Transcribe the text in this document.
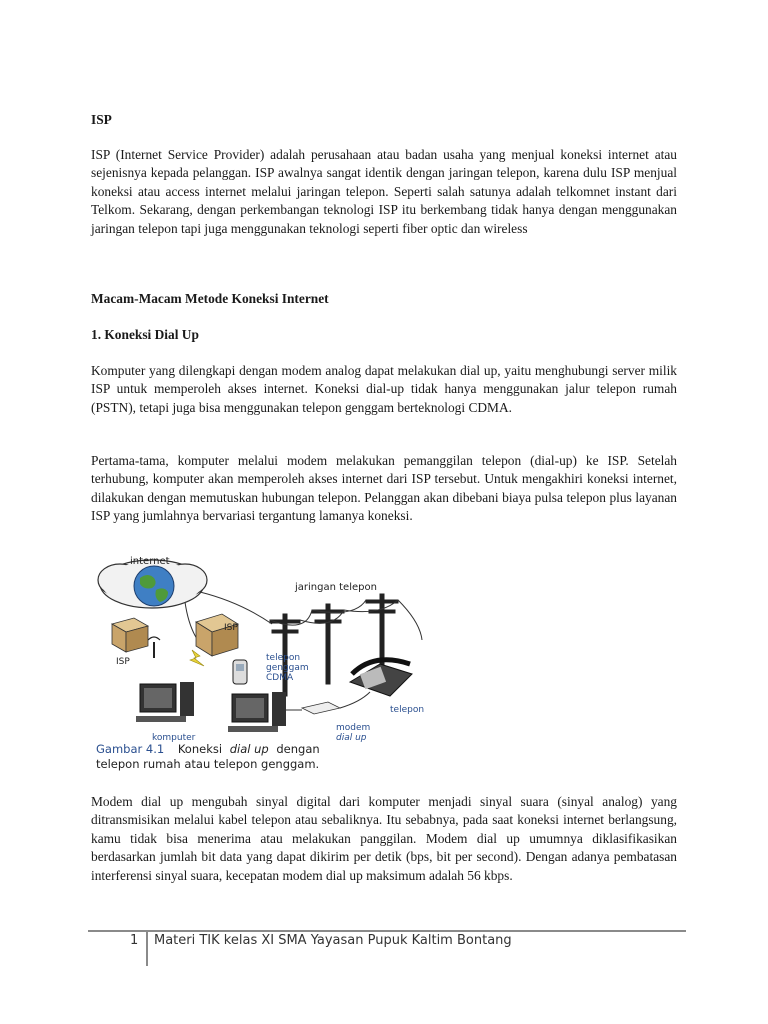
ISP
ISP (Internet Service Provider) adalah perusahaan atau badan usaha yang menjual koneksi internet atau sejenisnya kepada pelanggan. ISP awalnya sangat identik dengan jaringan telepon, karena dulu ISP menjual koneksi atau access internet melalui jaringan telepon. Seperti salah satunya adalah telkomnet instant dari Telkom. Sekarang, dengan perkembangan teknologi ISP itu berkembang tidak hanya dengan menggunakan jaringan telepon tapi juga menggunakan teknologi seperti fiber optic dan wireless
Macam-Macam Metode Koneksi Internet
1. Koneksi Dial Up
Komputer yang dilengkapi dengan modem analog dapat melakukan dial up, yaitu menghubungi server milik ISP untuk memperoleh akses internet. Koneksi dial-up tidak hanya menggunakan jalur telepon rumah (PSTN), tetapi juga bisa menggunakan telepon genggam berteknologi CDMA.
Pertama-tama, komputer melalui modem melakukan pemanggilan telepon (dial-up) ke ISP. Setelah terhubung, komputer akan memperoleh akses internet dari ISP tersebut. Untuk mengakhiri koneksi internet, dilakukan dengan memutuskan hubungan telepon. Pelanggan akan dibebani biaya pulsa telepon plus layanan ISP yang jumlahnya bervariasi tergantung lamanya koneksi.
internet
jaringan telepon
ISP
ISP	telepon
genggam
CDMA
telepon
komputer
modem
dial up
Gambar 4.1 Koneksi dial up dengan
telepon rumah atau telepon genggam.
Modem dial up mengubah sinyal digital dari komputer menjadi sinyal suara (sinyal analog) yang ditransmisikan melalui kabel telepon atau sebaliknya. Itu sebabnya, pada saat koneksi internet berlangsung, kamu tidak bisa menerima atau melakukan panggilan. Modem dial up umumnya diklasifikasikan berdasarkan jumlah bit data yang dapat dikirim per detik (bps, bit per second). Dengan adanya pembatasan interferensi sinyal suara, kecepatan modem dial up maksimum adalah 56 kbps.
1 Materi TIK kelas XI SMA Yayasan Pupuk Kaltim Bontang
